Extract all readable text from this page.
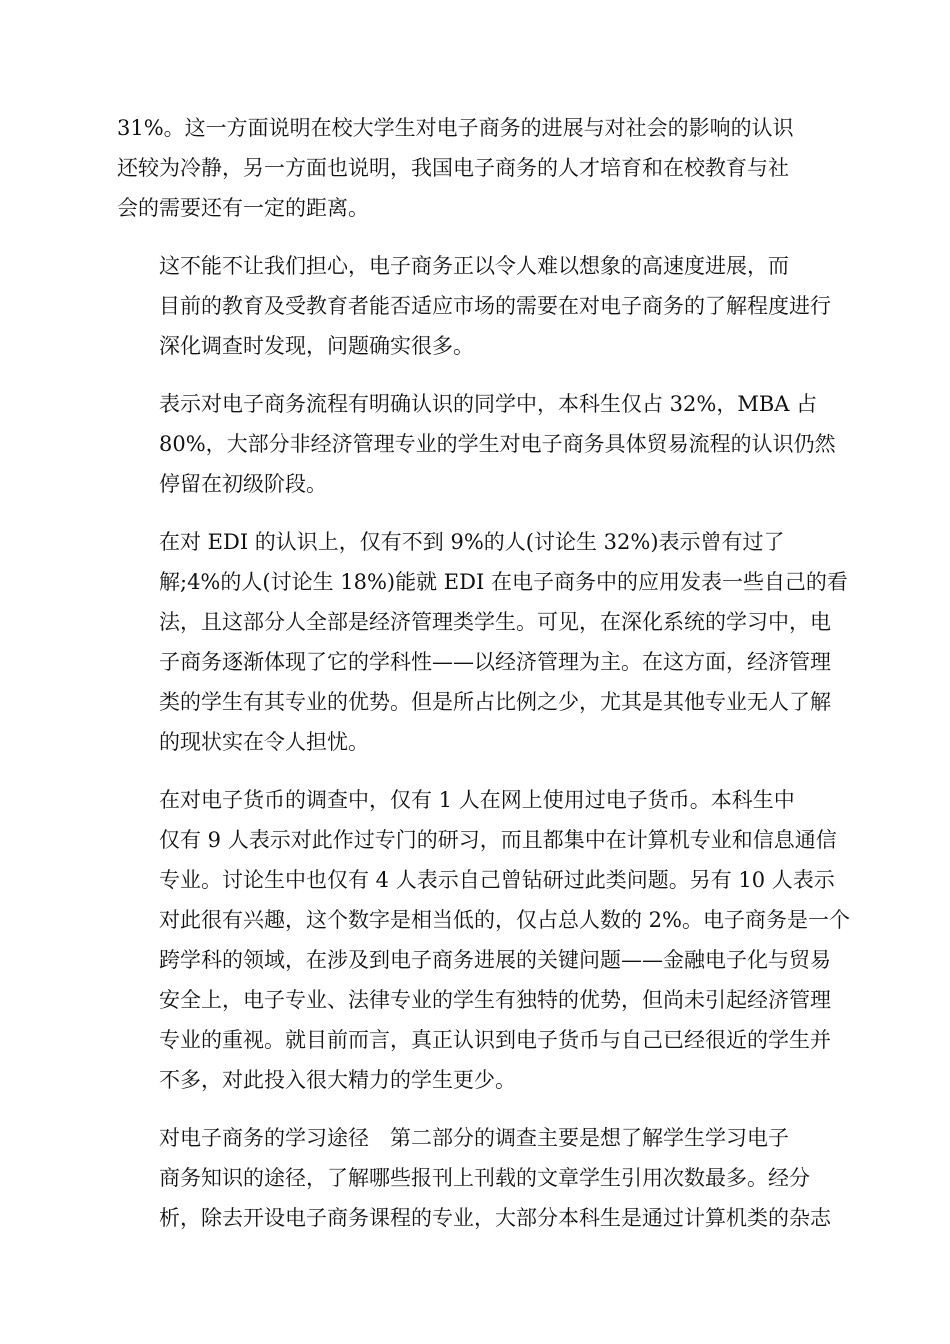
31%。这一方面说明在校大学生对电子商务的进展与对社会的影响的认识
还较为冷静，另一方面也说明，我国电子商务的人才培育和在校教育与社
会的需要还有一定的距离。

这不能不让我们担心，电子商务正以令人难以想象的高速度进展，而
目前的教育及受教育者能否适应市场的需要在对电子商务的了解程度进行
深化调查时发现，问题确实很多。

表示对电子商务流程有明确认识的同学中，本科生仅占 32%，MBA 占
80%，大部分非经济管理专业的学生对电子商务具体贸易流程的认识仍然
停留在初级阶段。

在对 EDI 的认识上，仅有不到 9%的人(讨论生 32%)表示曾有过了
解;4%的人(讨论生 18%)能就 EDI 在电子商务中的应用发表一些自己的看
法，且这部分人全部是经济管理类学生。可见，在深化系统的学习中，电
子商务逐渐体现了它的学科性——以经济管理为主。在这方面，经济管理
类的学生有其专业的优势。但是所占比例之少，尤其是其他专业无人了解
的现状实在令人担忧。

在对电子货币的调查中，仅有 1 人在网上使用过电子货币。本科生中
仅有 9 人表示对此作过专门的研习，而且都集中在计算机专业和信息通信
专业。讨论生中也仅有 4 人表示自己曾钻研过此类问题。另有 10 人表示
对此很有兴趣，这个数字是相当低的，仅占总人数的 2%。电子商务是一个
跨学科的领域，在涉及到电子商务进展的关键问题——金融电子化与贸易
安全上，电子专业、法律专业的学生有独特的优势，但尚未引起经济管理
专业的重视。就目前而言，真正认识到电子货币与自己已经很近的学生并
不多，对此投入很大精力的学生更少。

对电子商务的学习途径　第二部分的调查主要是想了解学生学习电子
商务知识的途径，了解哪些报刊上刊载的文章学生引用次数最多。经分
析，除去开设电子商务课程的专业，大部分本科生是通过计算机类的杂志
